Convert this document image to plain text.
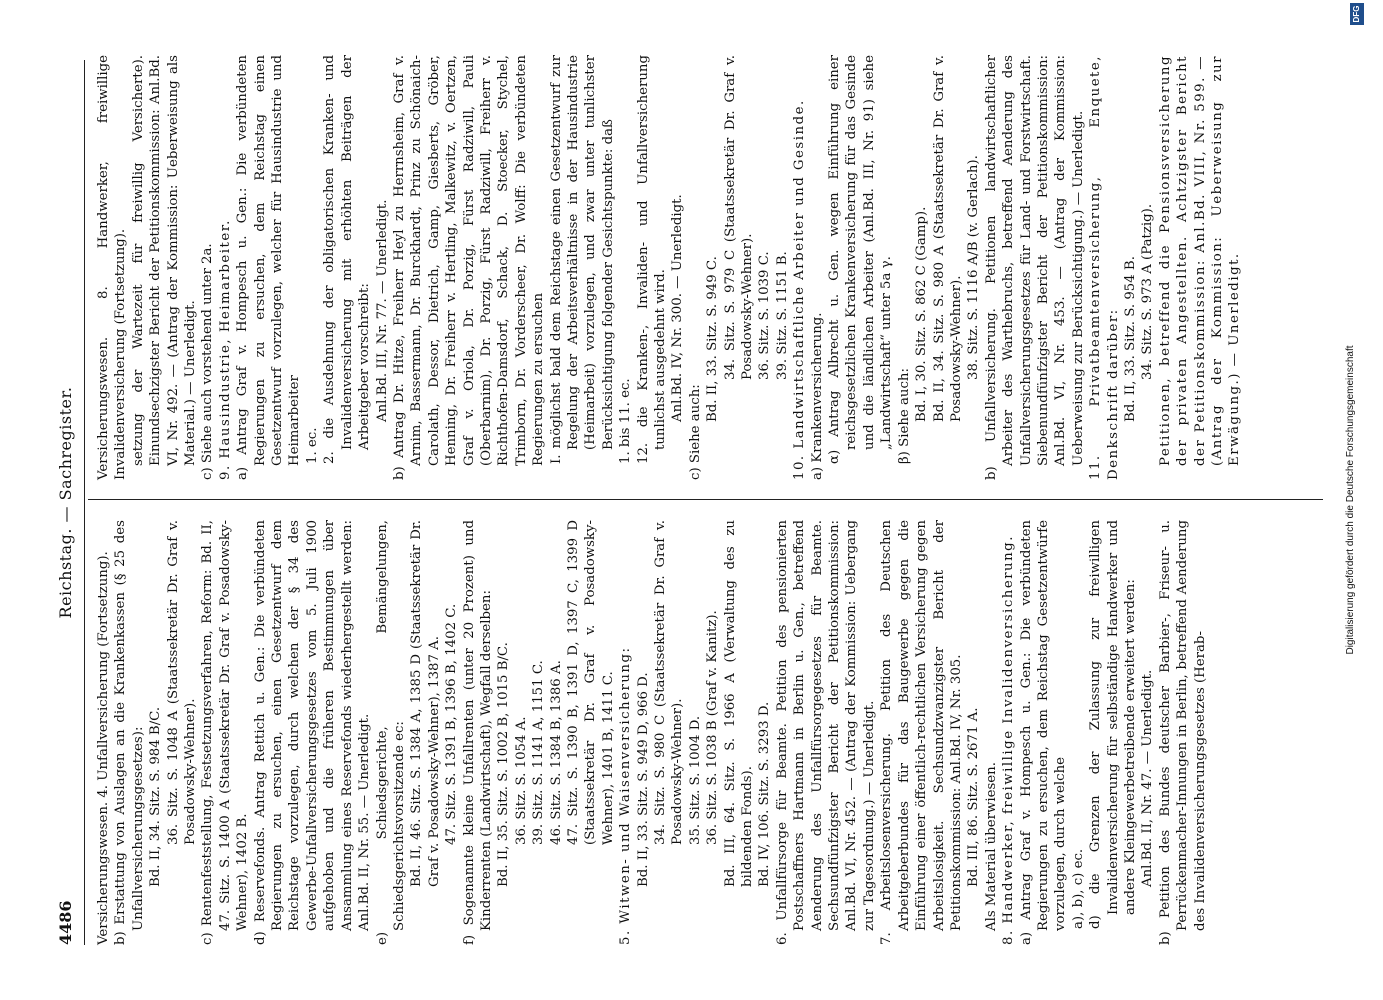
4486
Reichstag. — Sachregister.

Versicherungswesen. 4. Unfallversicherung (Fortsetzung). b) Erstattung von Auslagen an die Krankenkassen (§ 25 des Unfallversicherungsgesetzes): Bd. II, 34. Sitz. S. 984 B/C. 36. Sitz. S. 1048 A (Staatssekretär Dr. Graf v. Posadowsky-Wehner). c) Rentenfeststellung, Festsetzungsverfahren, Reform: Bd. II, 47. Sitz. S. 1400 A (Staatssekretär Dr. Graf v. Posadowsky-Wehner), 1402 B. d) Reservefonds. Antrag Rettich u. Gen.: Die verbündeten Regierungen zu ersuchen, einen Gesetzentwurf dem Reichstage vorzulegen, durch welchen der § 34 des Gewerbe-Unfallversicherungsgesetzes vom 5. Juli 1900 aufgehoben und die früheren Bestimmungen über Ansammlung eines Reservefonds wiederhergestellt werden: Anl.Bd. II, Nr. 55. — Unerledigt. e) Schiedsgerichte, Bemängelungen, Schiedsgerichtsvorsitzende ec: Bd. II, 46. Sitz. S. 1384 A, 1385 D (Staatssekretär Dr. Graf v. Posadowsky-Wehner), 1387 A. 47. Sitz. S. 1391 B, 1396 B, 1402 C. f) Sogenannte kleine Unfallrenten (unter 20 Prozent) und Kinderrenten (Landwirtschaft), Wegfall derselben: Bd. II, 35. Sitz. S. 1002 B, 1015 B/C. 36. Sitz. S. 1054 A. 39. Sitz. S. 1141 A, 1151 C. 46. Sitz. S. 1384 B, 1386 A. 47. Sitz. S. 1390 B, 1391 D, 1397 C, 1399 D (Staatssekretär Dr. Graf v. Posadowsky-Wehner), 1401 B, 1411 C. 5. Witwen- und Waisenversicherung: Bd. II, 33. Sitz. S. 949 D, 966 D. 34. Sitz. S. 980 C (Staatssekretär Dr. Graf v. Posadowsky-Wehner). 35. Sitz. S. 1004 D. 36. Sitz. S. 1038 B (Graf v. Kanitz). Bd. III, 64. Sitz. S. 1966 A (Verwaltung des zu bildenden Fonds). Bd. IV, 106. Sitz. S. 3293 D. 6. Unfallfürsorge für Beamte. Petition des pensionierten Postschaffners Hartmann in Berlin u. Gen., betreffend Aenderung des Unfallfürsorgegesetzes für Beamte. Sechsundfünfzigster Bericht der Petitionskommission: Anl.Bd. VI, Nr. 452. — (Antrag der Kommission: Uebergang zur Tagesordnung.) — Unerledigt. 7. Arbeitslosenversicherung. Petition des Deutschen Arbeitgeberbundes für das Baugewerbe gegen die Einführung einer öffentlich-rechtlichen Versicherung gegen Arbeitslosigkeit. Sechsundzwanzigster Bericht der Petitionskommission: Anl.Bd. IV, Nr. 305. Bd. III, 86. Sitz. S. 2671 A. Als Material überwiesen. 8. Handwerker, freiwillige Invalidenversicherung. a) Antrag Graf v. Hompesch u. Gen.: Die verbündeten Regierungen zu ersuchen, dem Reichstag Gesetzentwürfe vorzulegen, durch welche a), b), c) ec. d) die Grenzen der Zulassung zur freiwilligen Invalidenversicherung für selbständige Handwerker und andere Kleingewerbetreibende erweitert werden: Anl.Bd. II, Nr. 47. — Unerledigt. b) Petition des Bundes deutscher Barbier-, Friseur- u. Perrückenmacher-Innungen in Berlin, betreffend Aenderung des Invalidenversicherungsgesetzes (Herab-

Versicherungswesen. 8. Handwerker, freiwillige Invalidenversicherung (Fortsetzung). setzung der Wartezeit für freiwillig Versicherte). Einundsechzigster Bericht der Petitionskommission: Anl.Bd. VI, Nr. 492. — (Antrag der Kommission: Ueberweisung als Material.) — Unerledigt. c) Siehe auch vorstehend unter 2a. 9. Hausindustrie, Heimarbeiter. a) Antrag Graf v. Hompesch u. Gen.: Die verbündeten Regierungen zu ersuchen, dem Reichstag einen Gesetzentwurf vorzulegen, welcher für Hausindustrie und Heimarbeiter 1. ec. 2. die Ausdehnung der obligatorischen Kranken- und Invalidenversicherung mit erhöhten Beiträgen der Arbeitgeber vorschreibt: Anl.Bd. III, Nr. 77. — Unerledigt. b) Antrag Dr. Hitze, Freiherr Heyl zu Herrnsheim, Graf v. Arnim, Bassermann, Dr. Burckhardt, Prinz zu Schönaich-Carolath, Dessor, Dietrich, Gamp, Giesberts, Gröber, Henning, Dr. Freiherr v. Hertling, Malkewitz, v. Oertzen, Graf v. Oriola, Dr. Porzig, Fürst Radziwill, Pauli (Oberbarnim), Dr. Porzig, Fürst Radziwill, Freiherr v. Richthofen-Damsdorf, Schack, D. Stoecker, Stychel, Trimborn, Dr. Vorderscheer, Dr. Wolff: Die verbündeten Regierungen zu ersuchen I. möglichst bald dem Reichstage einen Gesetzentwurf zur Regelung der Arbeitsverhältnisse in der Hausindustrie (Heimarbeit) vorzulegen, und zwar unter tunlichster Berücksichtigung folgender Gesichtspunkte: daß 1. bis 11. ec. 12. die Kranken-, Invaliden- und Unfallversicherung tunlichst ausgedehnt wird. Anl.Bd. IV, Nr. 300. — Unerledigt.

c) Siehe auch:

Bd. II, 33. Sitz. S. 949 C. 34. Sitz. S. 979 C (Staatssekretär Dr. Graf v. Posadowsky-Wehner). 36. Sitz. S. 1039 C. 39. Sitz. S. 1151 B. 10. Landwirtschaftliche Arbeiter und Gesinde. a) Krankenversicherung. α) Antrag Albrecht u. Gen. wegen Einführung einer reichsgesetzlichen Krankenversicherung für das Gesinde und die ländlichen Arbeiter (Anl.Bd. III, Nr. 91) siehe „Landwirtschaft“ unter 5a γ. β) Siehe auch: Bd. I, 30. Sitz. S. 862 C (Gamp). Bd. II, 34. Sitz. S. 980 A (Staatssekretär Dr. Graf v. Posadowsky-Wehner). 38. Sitz. S. 1116 A/B (v. Gerlach). b) Unfallversicherung. Petitionen landwirtschaftlicher Arbeiter des Warthebruchs, betreffend Aenderung des Unfallversicherungsgesetzes für Land- und Forstwirtschaft. Siebenundfünfzigster Bericht der Petitionskommission: Anl.Bd. VI, Nr. 453. — (Antrag der Kommission: Ueberweisung zur Berücksichtigung.) — Unerledigt. 11. Privatbeamtenversicherung, Enquete, Denkschrift darüber: Bd. II, 33. Sitz. S. 954 B. 34. Sitz. S. 973 A (Patzig). Petitionen, betreffend die Pensionsversicherung der privaten Angestellten. Achtzigster Bericht der Petitionskommission: Anl.Bd. VIII, Nr. 599. — (Antrag der Kommission: Ueberweisung zur Erwägung.) — Unerledigt.	Digitalisierung gefördert durch die Deutsche Forschungsgemeinschaft
DFG
